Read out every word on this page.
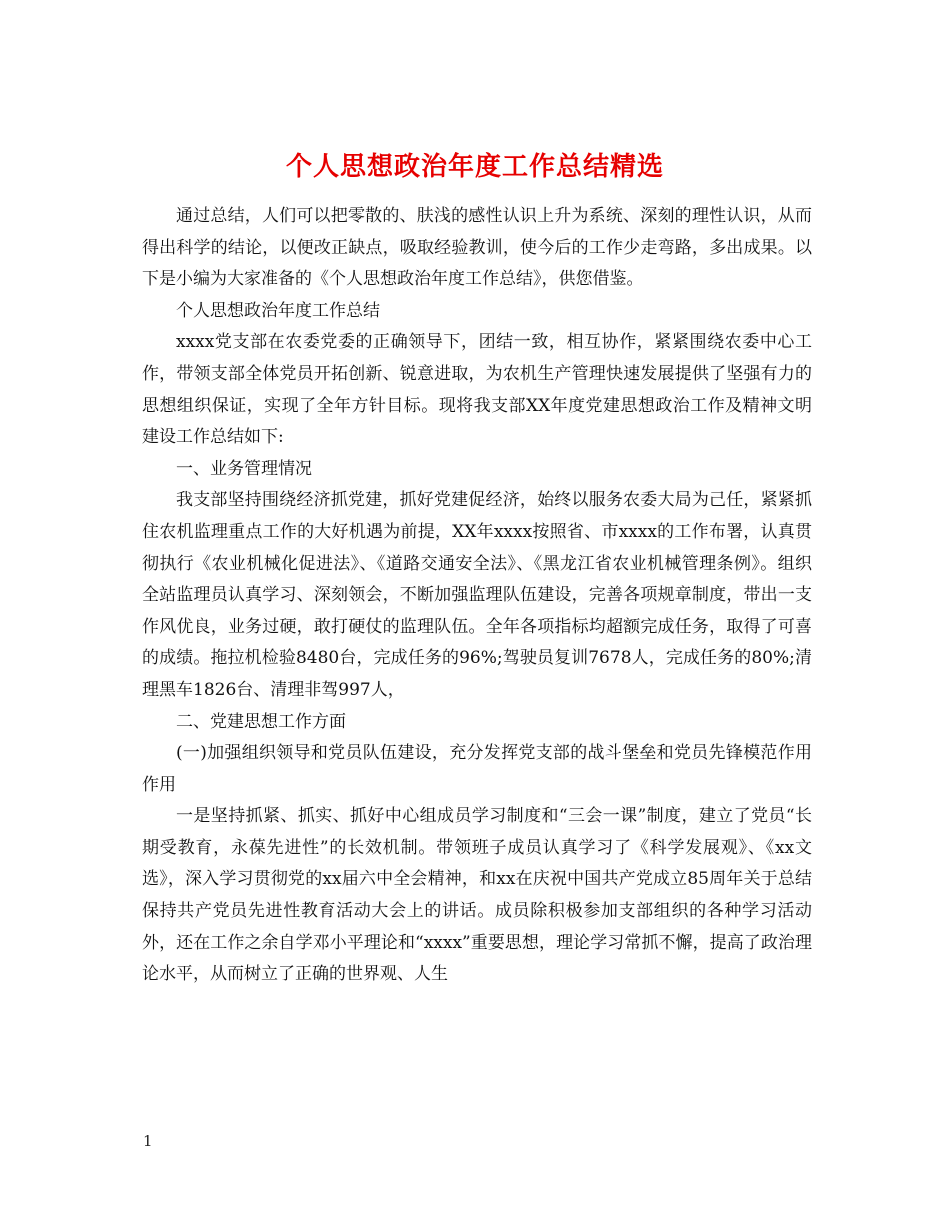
个人思想政治年度工作总结精选

通过总结，人们可以把零散的、肤浅的感性认识上升为系统、深刻的理性认识，从而得出科学的结论，以便改正缺点，吸取经验教训，使今后的工作少走弯路，多出成果。以下是小编为大家准备的《个人思想政治年度工作总结》，供您借鉴。

个人思想政治年度工作总结

xxxx党支部在农委党委的正确领导下，团结一致，相互协作，紧紧围绕农委中心工作，带领支部全体党员开拓创新、锐意进取，为农机生产管理快速发展提供了坚强有力的思想组织保证，实现了全年方针目标。现将我支部XX年度党建思想政治工作及精神文明建设工作总结如下:

一、业务管理情况

我支部坚持围绕经济抓党建，抓好党建促经济，始终以服务农委大局为己任，紧紧抓住农机监理重点工作的大好机遇为前提，XX年xxxx按照省、市xxxx的工作布署，认真贯彻执行《农业机械化促进法》、《道路交通安全法》、《黑龙江省农业机械管理条例》。组织全站监理员认真学习、深刻领会，不断加强监理队伍建设，完善各项规章制度，带出一支作风优良，业务过硬，敢打硬仗的监理队伍。全年各项指标均超额完成任务，取得了可喜的成绩。拖拉机检验8480台，完成任务的96%;驾驶员复训7678人，完成任务的80%;清理黑车1826台、清理非驾997人，

二、党建思想工作方面

(一)加强组织领导和党员队伍建设，充分发挥党支部的战斗堡垒和党员先锋模范作用作用

一是坚持抓紧、抓实、抓好中心组成员学习制度和“三会一课”制度，建立了党员“长期受教育，永葆先进性”的长效机制。带领班子成员认真学习了《科学发展观》、《xx文选》，深入学习贯彻党的xx届六中全会精神，和xx在庆祝中国共产党成立85周年关于总结保持共产党员先进性教育活动大会上的讲话。成员除积极参加支部组织的各种学习活动外，还在工作之余自学邓小平理论和“xxxx”重要思想，理论学习常抓不懈，提高了政治理论水平，从而树立了正确的世界观、人生

1
